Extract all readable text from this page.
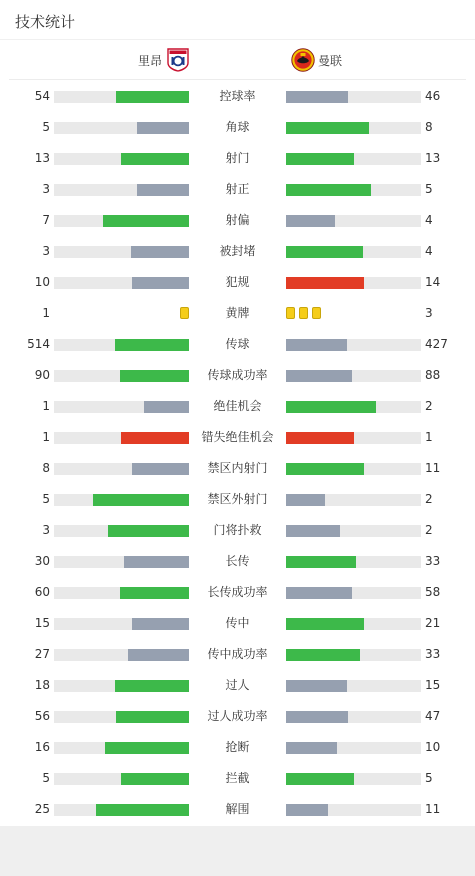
技术统计
里昂	曼联
54	控球率	46
5	角球	8
13	射门	13
3	射正	5
7	射偏	4
3	被封堵	4
10	犯规	14
1	黄牌	3
514	传球	427
90	传球成功率	88
1	绝佳机会	2
1	错失绝佳机会	1
8	禁区内射门	11
5	禁区外射门	2
3	门将扑救	2
30	长传	33
60	长传成功率	58
15	传中	21
27	传中成功率	33
18	过人	15
56	过人成功率	47
16	抢断	10
5	拦截	5
25	解围	11
